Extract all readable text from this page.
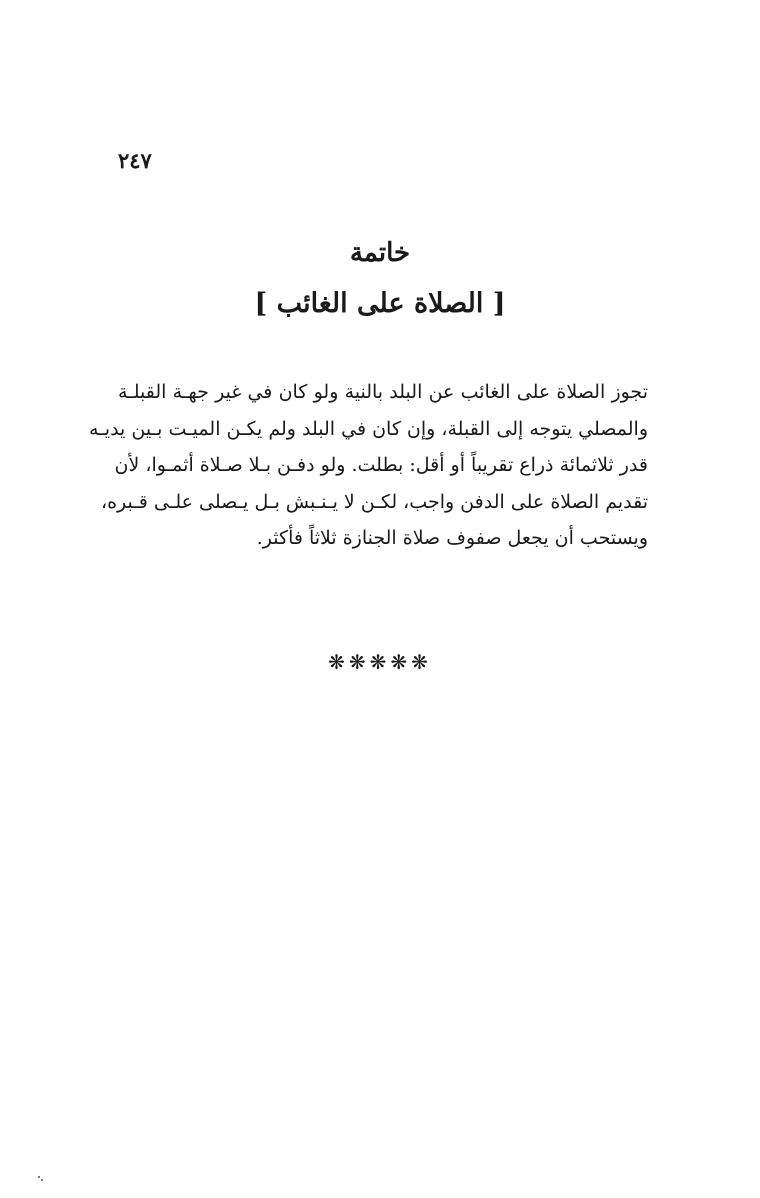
٢٤٧
خاتمة
[ الصلاة على الغائب ]
تجوز الصلاة على الغائب عن البلد بالنية ولو كان في غير جهـة القبلـة
والمصلي يتوجه إلى القبلة، وإن كان في البلد ولم يكـن الميـت بـين يديـه
قدر ثلاثمائة ذراع تقريباً أو أقل: بطلت. ولو دفـن بـلا صـلاة أثمـوا، لأن
تقديم الصلاة على الدفن واجب، لكـن لا يـنـبش بـل يـصلى علـى قـبره،
ويستحب أن يجعل صفوف صلاة الجنازة ثلاثاً فأكثر.
❋❋❋❋❋
